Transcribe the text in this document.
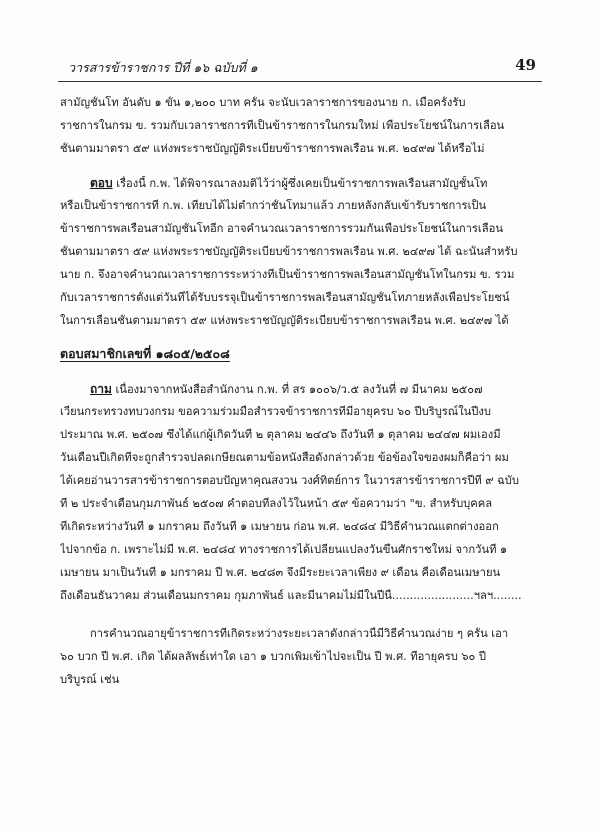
วารสารข้าราชการ ปีที่ ๑๖ ฉบับที่ ๑	49
สามัญชั้นโท อันดับ ๑ ขั้น ๑,๒๐๐ บาท ครั้น จะนับเวลาราชการของนาย ก. เมื่อครั้งรับ
ราชการในกรม ข. รวมกับเวลาราชการที่เป็นข้าราชการในกรมใหม่ เพื่อประโยชน์ในการเลื่อน
ชั้นตามมาตรา ๕๙ แห่งพระราชบัญญัติระเบียบข้าราชการพลเรือน พ.ศ. ๒๔๙๗ ได้หรือไม่
ตอบ เรื่องนี้ ก.พ. ได้พิจารณาลงมติไว้ว่าผู้ซึ่งเคยเป็นข้าราชการพลเรือนสามัญชั้นโท
หรือเป็นข้าราชการที่ ก.พ. เทียบได้ไม่ต่ำกว่าชั้นโทมาแล้ว ภายหลังกลับเข้ารับราชการเป็น
ข้าราชการพลเรือนสามัญชั้นโทอีก อาจคำนวณเวลาราชการรวมกันเพื่อประโยชน์ในการเลื่อน
ชั้นตามมาตรา ๕๙ แห่งพระราชบัญญัติระเบียบข้าราชการพลเรือน พ.ศ. ๒๔๙๗ ได้ ฉะนั้นสำหรับ
นาย ก. จึงอาจคำนวณเวลาราชการระหว่างที่เป็นข้าราชการพลเรือนสามัญชั้นโทในกรม ข. รวม
กับเวลาราชการตั้งแต่วันที่ได้รับบรรจุเป็นข้าราชการพลเรือนสามัญชั้นโทภายหลังเพื่อประโยชน์
ในการเลื่อนชั้นตามมาตรา ๕๙ แห่งพระราชบัญญัติระเบียบข้าราชการพลเรือน พ.ศ. ๒๔๙๗ ได้
ตอบสมาชิกเลขที่ ๑๘๐๕/๒๕๐๘
ถาม เนื่องมาจากหนังสือสำนักงาน ก.พ. ที่ สร ๑๐๐๖/ว.๕ ลงวันที่ ๗ มีนาคม ๒๕๐๗
เวียนกระทรวงทบวงกรม ขอความร่วมมือสำรวจข้าราชการที่มีอายุครบ ๖๐ ปีบริบูรณ์ในปีงบ
ประมาณ พ.ศ. ๒๕๐๗ ซึ่งได้แก่ผู้เกิดวันที่ ๒ ตุลาคม ๒๔๔๖ ถึงวันที่ ๑ ตุลาคม ๒๔๔๗ ผมเองมี
วันเดือนปีเกิดที่จะถูกสำรวจปลดเกษียณตามข้อหนังสือดังกล่าวด้วย ข้อข้องใจของผมก็คือว่า ผม
ได้เคยอ่านวารสารข้าราชการตอบปัญหาคุณสงวน วงศ์ทิตย์การ ในวารสารข้าราชการปีที่ ๙ ฉบับ
ที่ ๒ ประจำเดือนกุมภาพันธ์ ๒๕๐๗ คำตอบที่ลงไว้ในหน้า ๕๙ ข้อความว่า "ข. สำหรับบุคคล
ที่เกิดระหว่างวันที่ ๑ มกราคม ถึงวันที่ ๑ เมษายน ก่อน พ.ศ. ๒๔๘๔ มีวิธีคำนวณแตกต่างออก
ไปจากข้อ ก. เพราะไม่มี พ.ศ. ๒๔๘๔ ทางราชการได้เปลี่ยนแปลงวันขึ้นศักราชใหม่ จากวันที่ ๑
เมษายน มาเป็นวันที่ ๑ มกราคม ปี พ.ศ. ๒๔๘๓ จึงมีระยะเวลาเพียง ๙ เดือน คือเดือนเมษายน
ถึงเดือนธันวาคม ส่วนเดือนมกราคม กุมภาพันธ์ และมีนาคมไม่มีในปีนี้.......................ฯลฯ........
การคำนวณอายุข้าราชการที่เกิดระหว่างระยะเวลาดังกล่าวนี้มีวิธีคำนวณง่าย ๆ ครั้น เอา
๖๐ บวก ปี พ.ศ. เกิด ได้ผลลัพธ์เท่าใด เอา ๑ บวกเพิ่มเข้าไปจะเป็น ปี พ.ศ. ที่อายุครบ ๖๐ ปี
บริบูรณ์ เช่น
